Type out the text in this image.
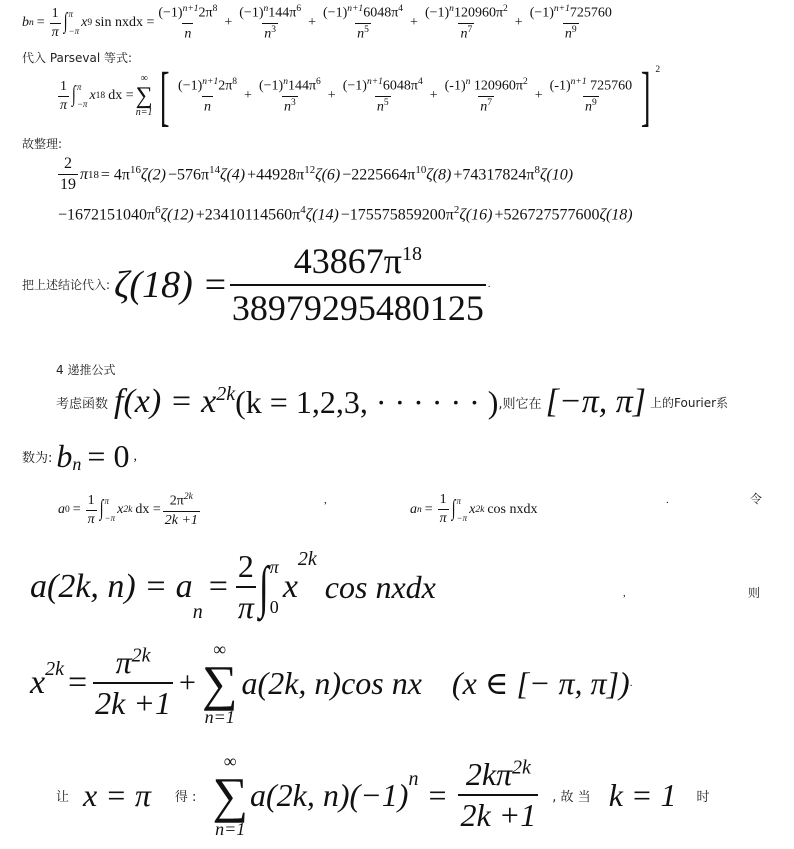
b $n = \frac{1}{\pi}$ ∫ π
−π
x 9 sin nxdx = $\frac{(-1)^{n+1}2\pi^8}{n} + \frac{(-1)^n144\pi^6}{n^3} + \frac{(-1)^{n+1}6048\pi^4}{n^5} + \frac{(-1)^n120960\pi^2}{n^7} + \frac{(-1)^{n+1}725760}{n^9}$
代入 Parseval 等式:
$\frac{1}{\pi}$ ∫ π
−π
x 18 dx =
∞
∑
n=1 [ $\frac{(-1)^{n+1}2\pi^8}{n} + \frac{(-1)^n144\pi^6}{n^3} + \frac{(-1)^{n+1}6048\pi^4}{n^5} + \frac{(-1)^n 120960\pi^2}{n^7} + \frac{(-1)^{n+1} 725760}{n^9}$ ] $^2$
故整理:
$\frac{2}{19}$ π $18 = 4\pi^{16}\zeta(2) -576\pi^{14}\zeta(4) +44928\pi^{12}\zeta(6) -2225664\pi^{10}\zeta(8) +74317824\pi^8\zeta(10)$
$-1672151040\pi^6\zeta(12) +23410114560\pi^4\zeta(14) -175575859200\pi^2\zeta(16) +526727577600\zeta(18)$
把上述结论代入: $\zeta(18) = \frac{43867\pi^{18}}{38979295480125}$ .
4 递推公式
考虑函数 f(x) = x 2k (k = 1,2,3, · · · · · · ) ,则它在 [−π, π] 上的Fourier系
数为: b n = 0 ,
a $0 = \frac{1}{\pi}$ ∫ π
−π
x 2k dx = $\frac{2\pi^{2k}}{2k +1}$	,
a $n = \frac{1}{\pi}$ ∫ π
−π
x 2k cos nxdx
.	令
a(2k, n) = a
n
= $\frac{2}{\pi}$ ∫ π
0
x
2k
cos nxdx	,	则
x $2k = \frac{\pi^{2k}}{2k +1}$ +
∞
∑
n=1
a(2k, n)cos nx (x ∈ [− π, π]) .
让 x = π 得 :
∞
∑
n=1
a(2k, n)(−1) $n = \frac{2k\pi^{2k}}{2k +1}$ , 故 当 k = 1 时
